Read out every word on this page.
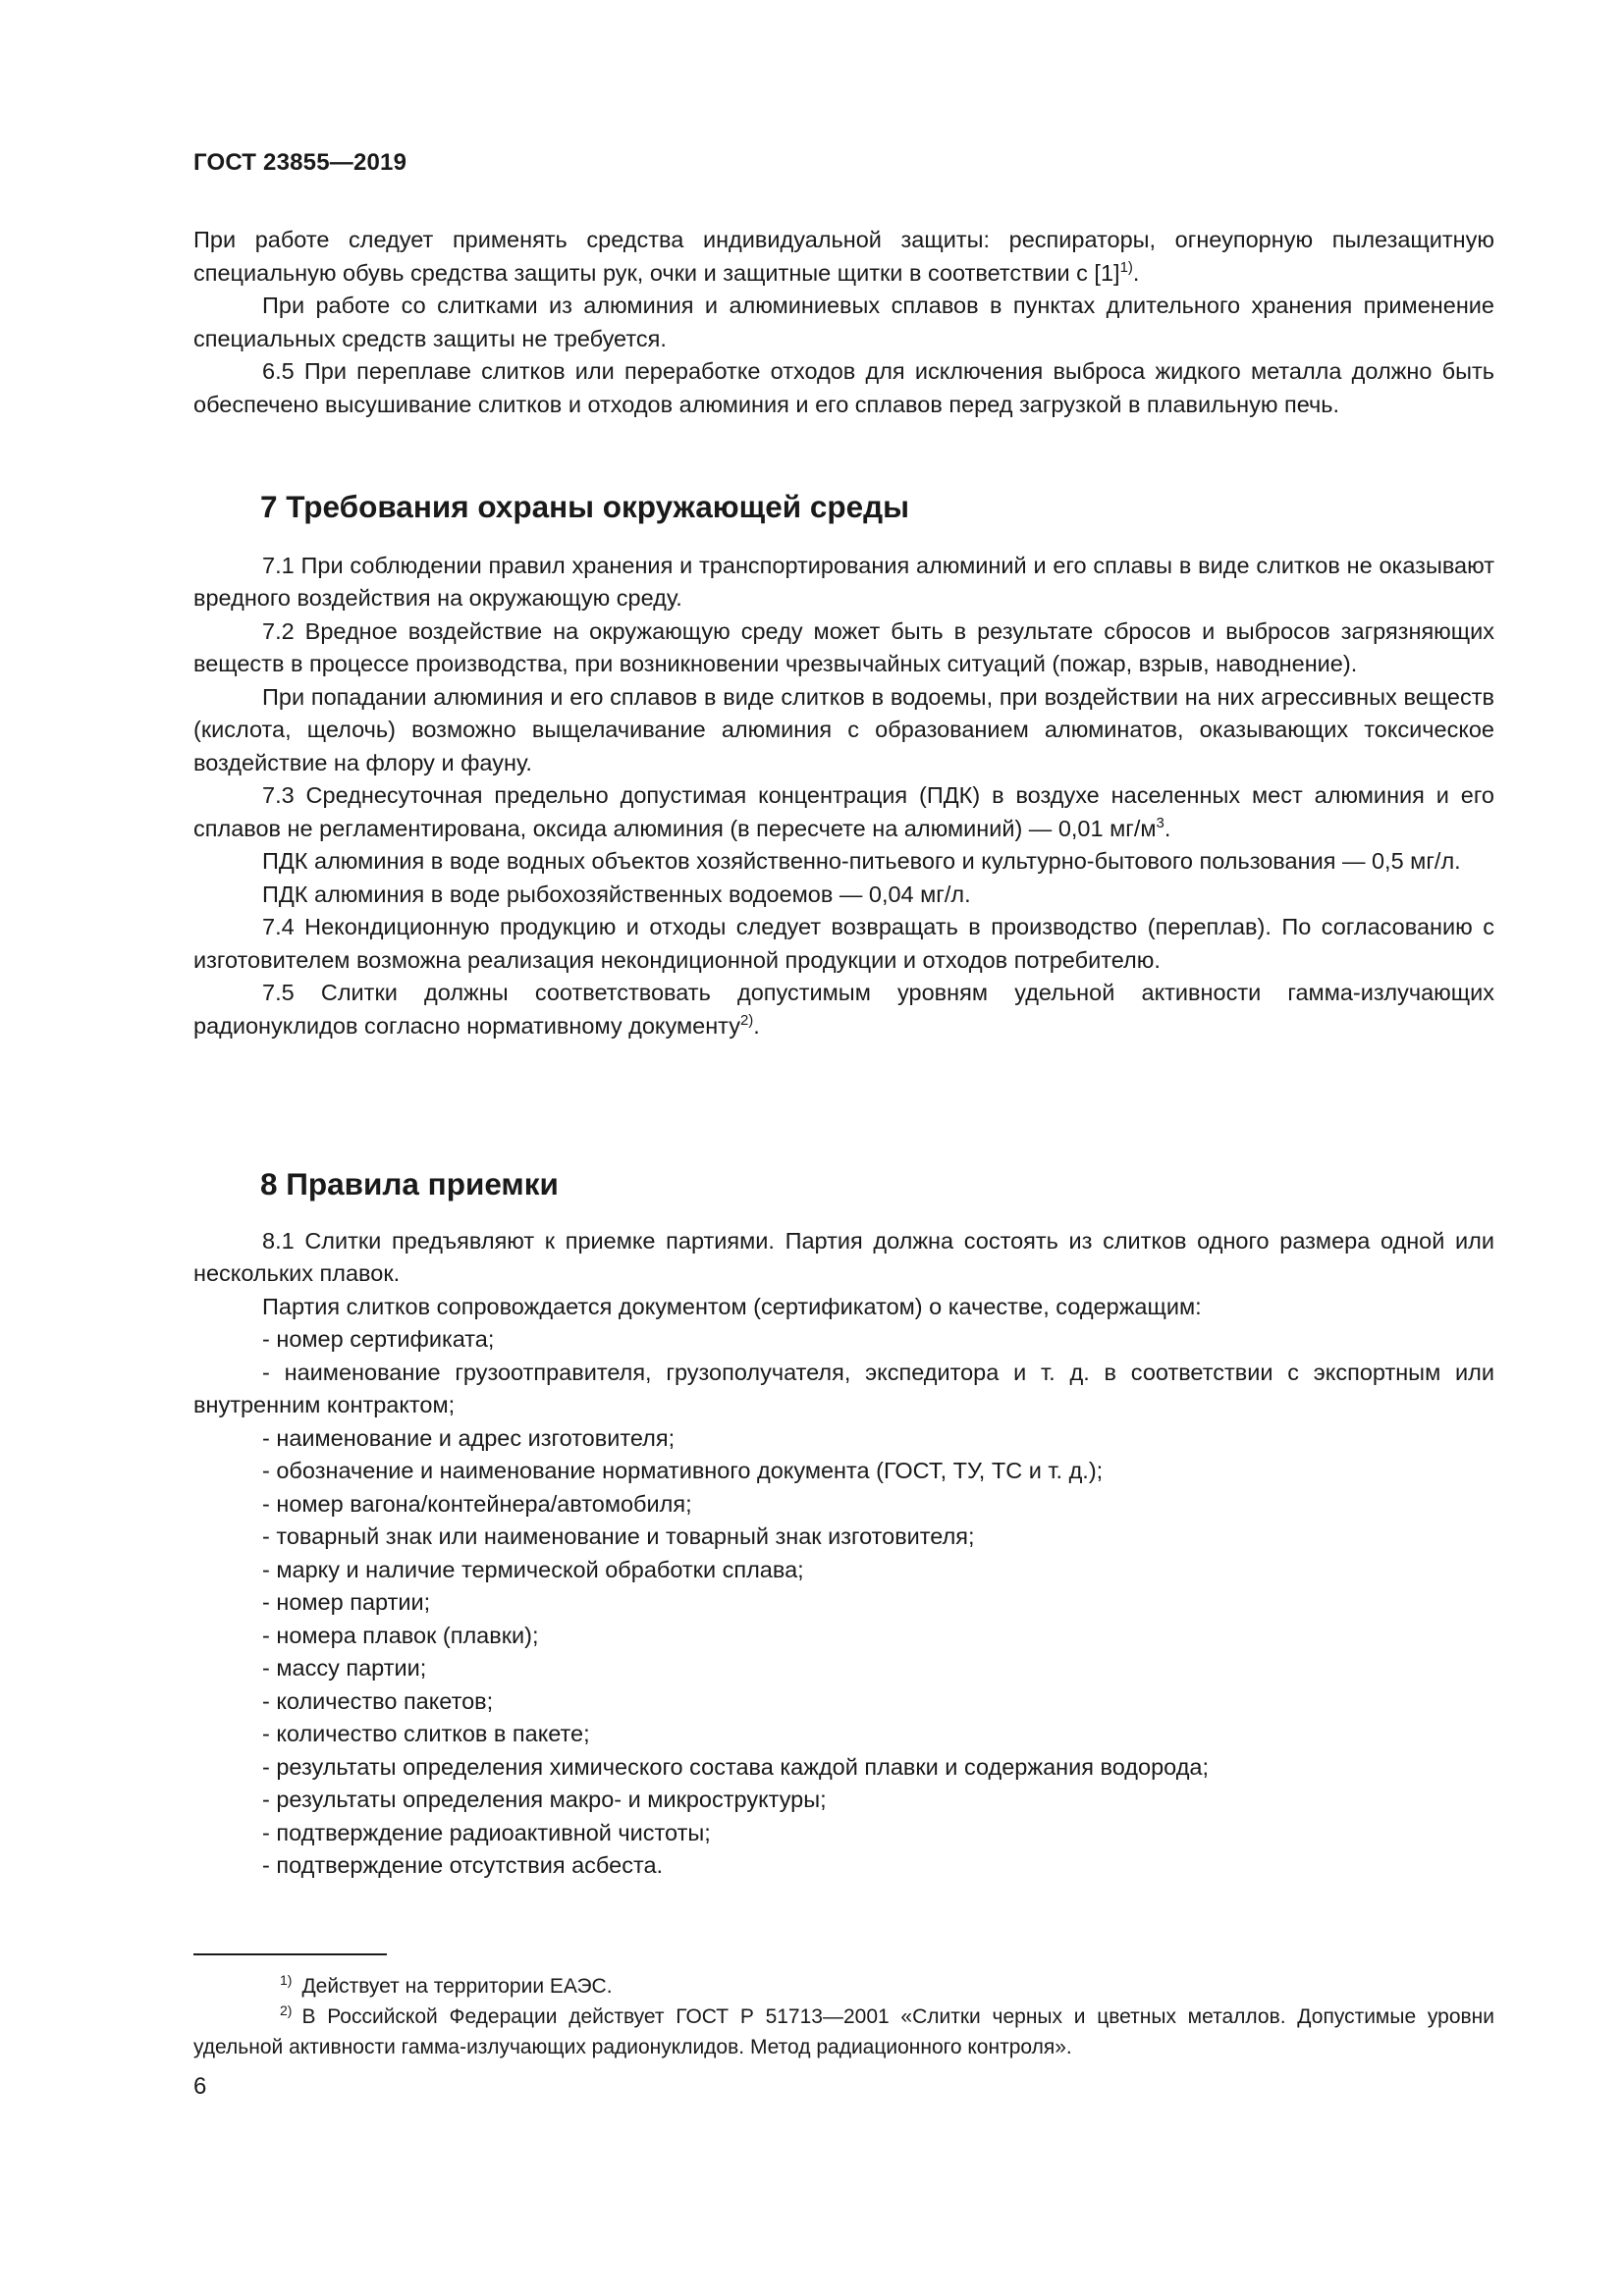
ГОСТ 23855—2019

При работе следует применять средства индивидуальной защиты: респираторы, огнеупорную пылезащитную специальную обувь средства защиты рук, очки и защитные щитки в соответствии с $[1]^{1)}$.

При работе со слитками из алюминия и алюминиевых сплавов в пунктах длительного хранения применение специальных средств защиты не требуется.

6.5 При переплаве слитков или переработке отходов для исключения выброса жидкого металла должно быть обеспечено высушивание слитков и отходов алюминия и его сплавов перед загрузкой в плавильную печь.

7 Требования охраны окружающей среды

7.1 При соблюдении правил хранения и транспортирования алюминий и его сплавы в виде слитков не оказывают вредного воздействия на окружающую среду.

7.2 Вредное воздействие на окружающую среду может быть в результате сбросов и выбросов загрязняющих веществ в процессе производства, при возникновении чрезвычайных ситуаций (пожар, взрыв, наводнение).

При попадании алюминия и его сплавов в виде слитков в водоемы, при воздействии на них агрессивных веществ (кислота, щелочь) возможно выщелачивание алюминия с образованием алюминатов, оказывающих токсическое воздействие на флору и фауну.

7.3 Среднесуточная предельно допустимая концентрация (ПДК) в воздухе населенных мест алюминия и его сплавов не регламентирована, оксида алюминия (в пересчете на алюминий) — 0,01 $мг/м^3$.

ПДК алюминия в воде водных объектов хозяйственно-питьевого и культурно-бытового пользования — 0,5 мг/л.

ПДК алюминия в воде рыбохозяйственных водоемов — 0,04 мг/л.

7.4 Некондиционную продукцию и отходы следует возвращать в производство (переплав). По согласованию с изготовителем возможна реализация некондиционной продукции и отходов потребителю.

7.5 Слитки должны соответствовать допустимым уровням удельной активности гамма-излучающих радионуклидов согласно нормативному документу$^{2)}$.

8 Правила приемки

8.1 Слитки предъявляют к приемке партиями. Партия должна состоять из слитков одного размера одной или нескольких плавок.

Партия слитков сопровождается документом (сертификатом) о качестве, содержащим:

- номер сертификата;

- наименование грузоотправителя, грузополучателя, экспедитора и т. д. в соответствии с экспортным или внутренним контрактом;

- наименование и адрес изготовителя;

- обозначение и наименование нормативного документа (ГОСТ, ТУ, ТС и т. д.);

- номер вагона/контейнера/автомобиля;

- товарный знак или наименование и товарный знак изготовителя;

- марку и наличие термической обработки сплава;

- номер партии;

- номера плавок (плавки);

- массу партии;

- количество пакетов;

- количество слитков в пакете;

- результаты определения химического состава каждой плавки и содержания водорода;

- результаты определения макро- и микроструктуры;

- подтверждение радиоактивной чистоты;

- подтверждение отсутствия асбеста.

$^{1)}$ Действует на территории ЕАЭС.

$^{2)}$ В Российской Федерации действует ГОСТ Р 51713—2001 «Слитки черных и цветных металлов. Допустимые уровни удельной активности гамма-излучающих радионуклидов. Метод радиационного контроля».

6
